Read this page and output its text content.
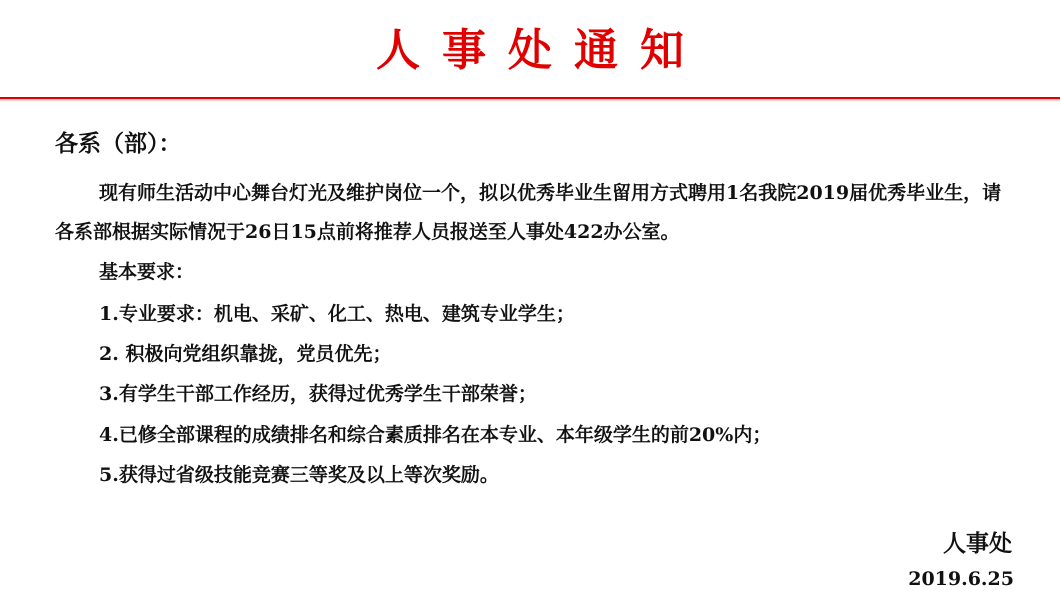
人事处通知
各系（部）：
现有师生活动中心舞台灯光及维护岗位一个，拟以优秀毕业生留用方式聘用1名我院2019届优秀毕业生，请各系部根据实际情况于26日15点前将推荐人员报送至人事处422办公室。
基本要求：
1.专业要求：机电、采矿、化工、热电、建筑专业学生；
2. 积极向党组织靠拢，党员优先；
3.有学生干部工作经历，获得过优秀学生干部荣誉；
4.已修全部课程的成绩排名和综合素质排名在本专业、本年级学生的前20%内；
5.获得过省级技能竞赛三等奖及以上等次奖励。
人事处
2019.6.25
